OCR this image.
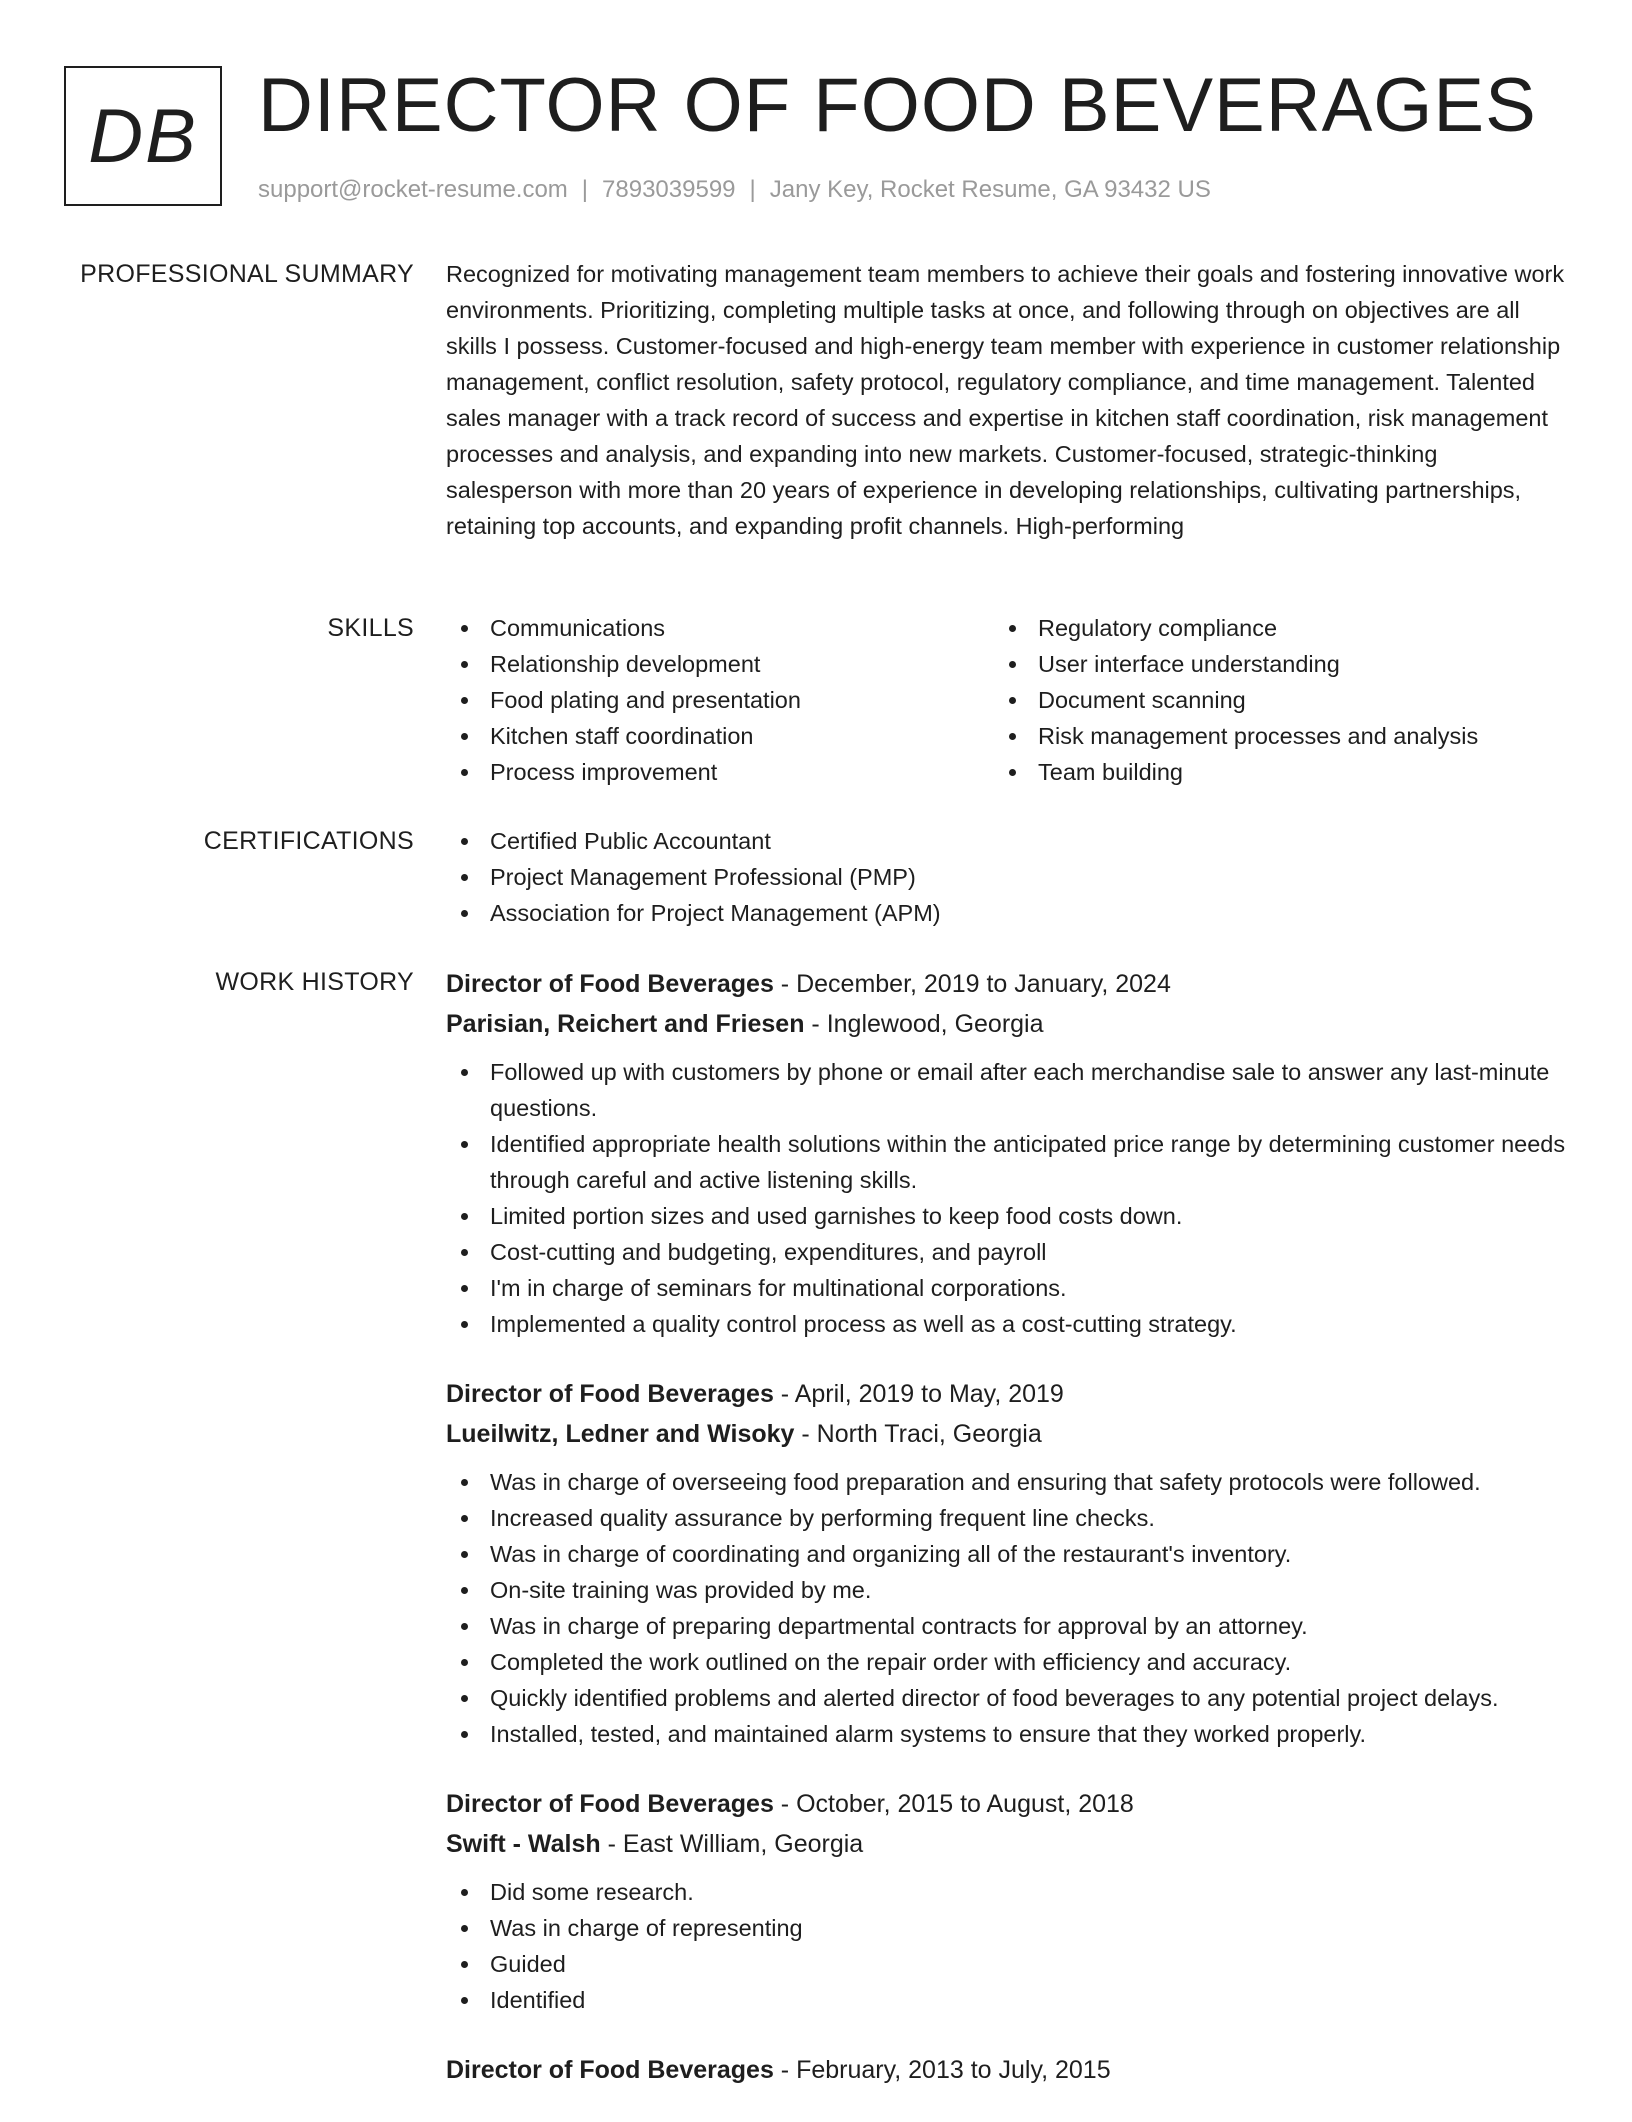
DB DIRECTOR OF FOOD BEVERAGES
support@rocket-resume.com | 7893039599 | Jany Key, Rocket Resume, GA 93432 US
PROFESSIONAL SUMMARY Recognized for motivating management team members to achieve their goals and fostering innovative work environments. Prioritizing, completing multiple tasks at once, and following through on objectives are all skills I possess. Customer-focused and high-energy team member with experience in customer relationship management, conflict resolution, safety protocol, regulatory compliance, and time management. Talented sales manager with a track record of success and expertise in kitchen staff coordination, risk management processes and analysis, and expanding into new markets. Customer-focused, strategic-thinking salesperson with more than 20 years of experience in developing relationships, cultivating partnerships, retaining top accounts, and expanding profit channels. High-performing

SKILLS	Communications
Relationship development
Food plating and presentation
Kitchen staff coordination
Process improvement
Regulatory compliance
User interface understanding
Document scanning
Risk management processes and analysis
Team building
CERTIFICATIONS	Certified Public Accountant
Project Management Professional (PMP)
Association for Project Management (APM)
WORK HISTORY Director of Food Beverages - December, 2019 to January, 2024
Parisian, Reichert and Friesen - Inglewood, Georgia
Followed up with customers by phone or email after each merchandise sale to answer any last-minute questions.
Identified appropriate health solutions within the anticipated price range by determining customer needs through careful and active listening skills.
Limited portion sizes and used garnishes to keep food costs down.
Cost-cutting and budgeting, expenditures, and payroll
I'm in charge of seminars for multinational corporations.
Implemented a quality control process as well as a cost-cutting strategy.
Director of Food Beverages - April, 2019 to May, 2019
Lueilwitz, Ledner and Wisoky - North Traci, Georgia
Was in charge of overseeing food preparation and ensuring that safety protocols were followed.
Increased quality assurance by performing frequent line checks.
Was in charge of coordinating and organizing all of the restaurant's inventory.
On-site training was provided by me.
Was in charge of preparing departmental contracts for approval by an attorney.
Completed the work outlined on the repair order with efficiency and accuracy.
Quickly identified problems and alerted director of food beverages to any potential project delays.
Installed, tested, and maintained alarm systems to ensure that they worked properly.
Director of Food Beverages - October, 2015 to August, 2018
Swift - Walsh - East William, Georgia
Did some research.
Was in charge of representing
Guided
Identified
Director of Food Beverages - February, 2013 to July, 2015
